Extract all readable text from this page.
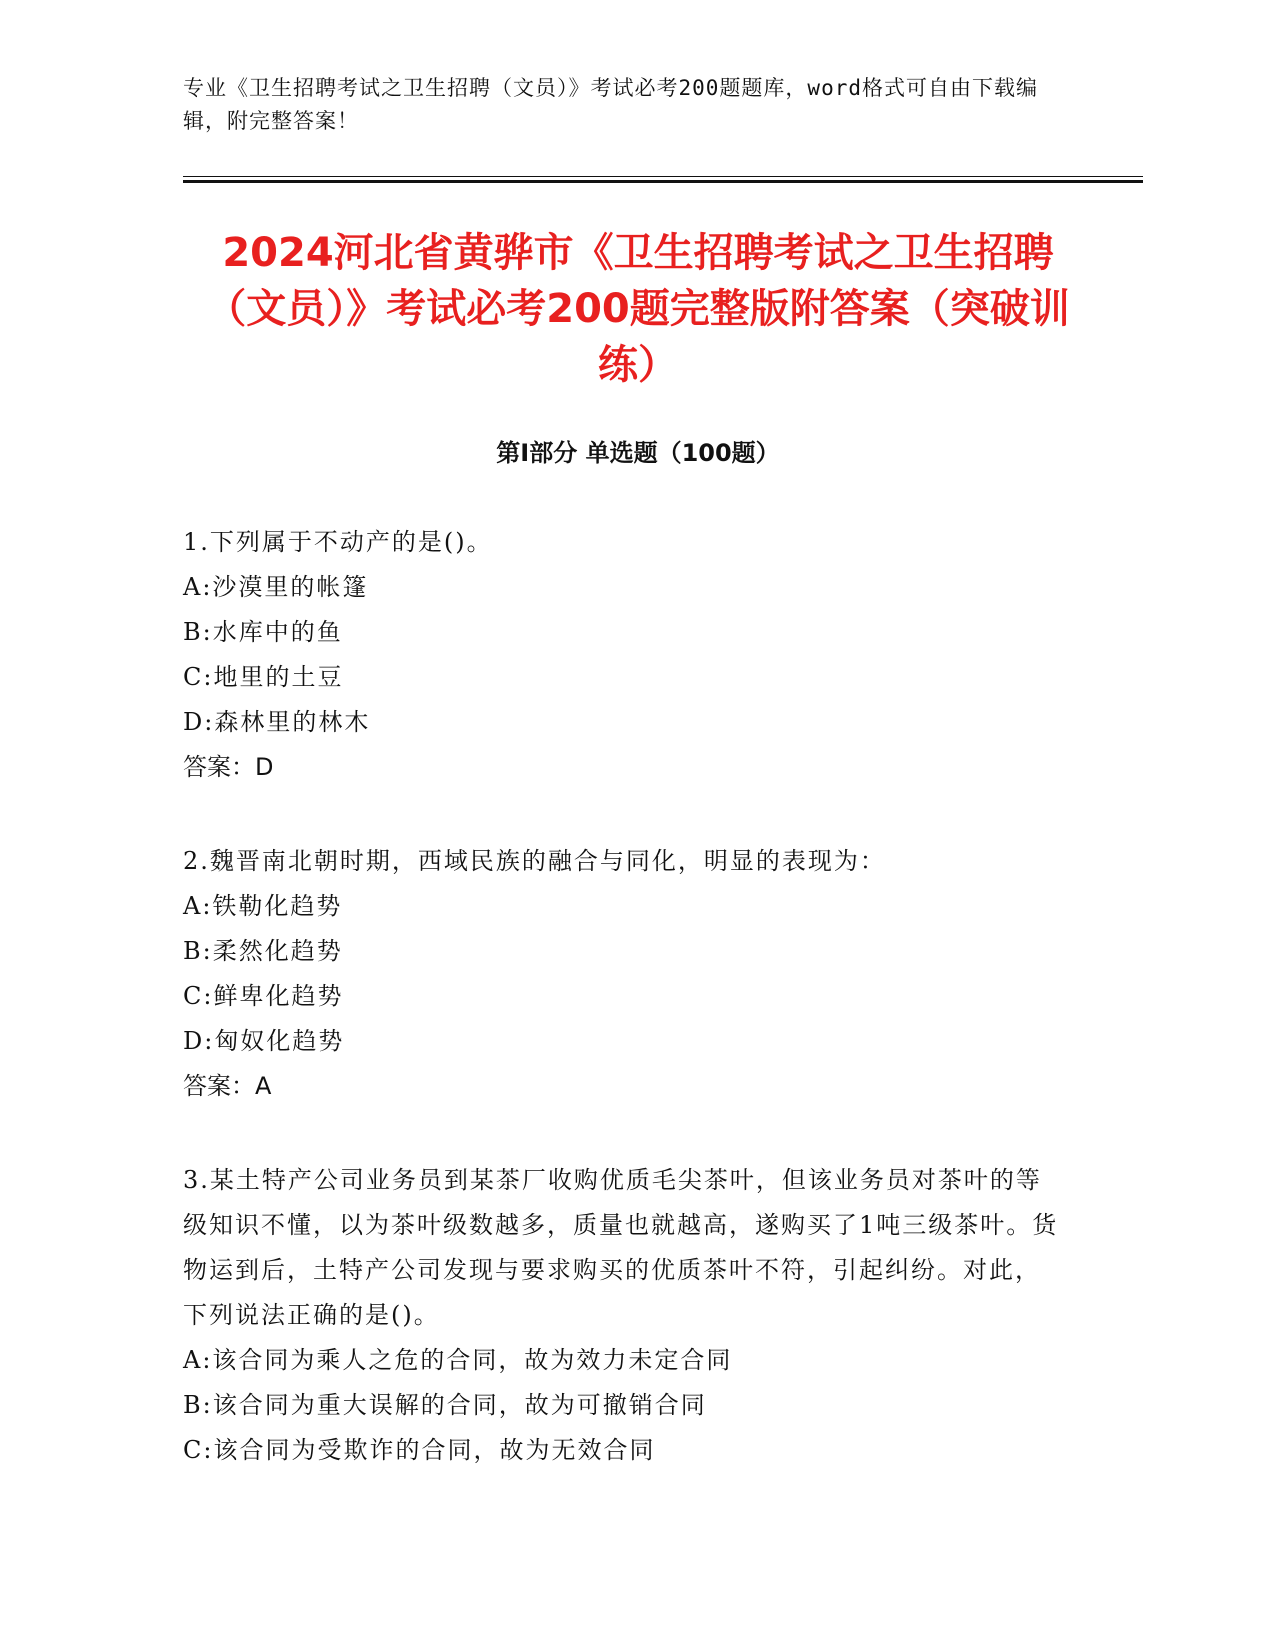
专业《卫生招聘考试之卫生招聘（文员）》考试必考200题题库，word格式可自由下载编辑，附完整答案！
2024河北省黄骅市《卫生招聘考试之卫生招聘（文员）》考试必考200题完整版附答案（突破训练）
第I部分 单选题（100题）
1.下列属于不动产的是()。
A:沙漠里的帐篷
B:水库中的鱼
C:地里的土豆
D:森林里的林木
答案：D
2.魏晋南北朝时期，西域民族的融合与同化，明显的表现为：
A:铁勒化趋势
B:柔然化趋势
C:鲜卑化趋势
D:匈奴化趋势
答案：A
3.某土特产公司业务员到某茶厂收购优质毛尖茶叶，但该业务员对茶叶的等级知识不懂，以为茶叶级数越多，质量也就越高，遂购买了1吨三级茶叶。货物运到后，土特产公司发现与要求购买的优质茶叶不符，引起纠纷。对此，下列说法正确的是()。
A:该合同为乘人之危的合同，故为效力未定合同
B:该合同为重大误解的合同，故为可撤销合同
C:该合同为受欺诈的合同，故为无效合同
